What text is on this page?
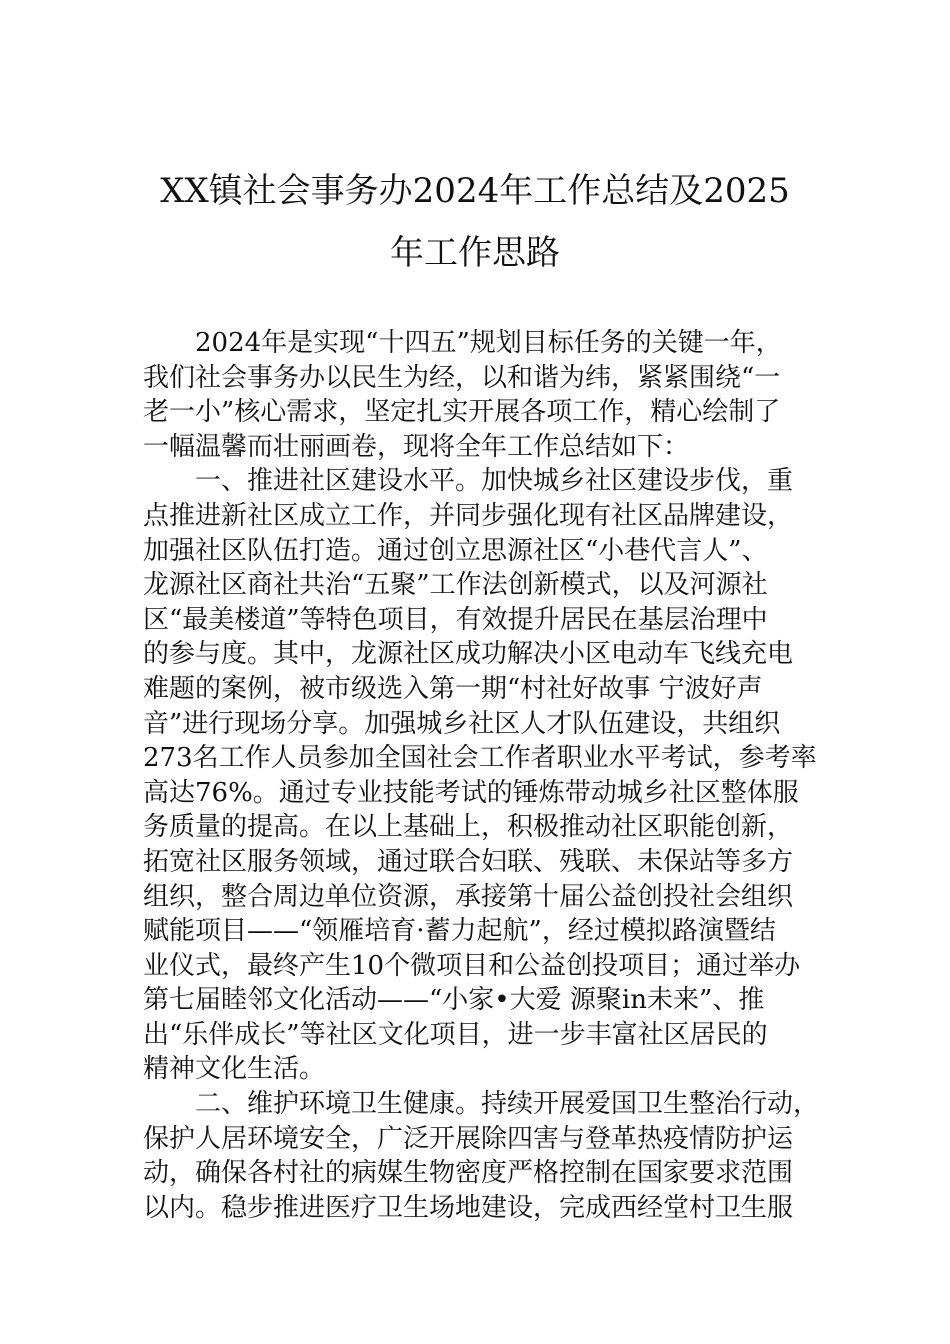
XX镇社会事务办2024年工作总结及2025
年工作思路

2024年是实现“十四五”规划目标任务的关键一年，
我们社会事务办以民生为经，以和谐为纬，紧紧围绕“一
老一小”核心需求，坚定扎实开展各项工作，精心绘制了
一幅温馨而壮丽画卷，现将全年工作总结如下：

一、推进社区建设水平。加快城乡社区建设步伐，重
点推进新社区成立工作，并同步强化现有社区品牌建设，
加强社区队伍打造。通过创立思源社区“小巷代言人”、
龙源社区商社共治“五聚”工作法创新模式，以及河源社
区“最美楼道”等特色项目，有效提升居民在基层治理中
的参与度。其中，龙源社区成功解决小区电动车飞线充电
难题的案例，被市级选入第一期“村社好故事 宁波好声
音”进行现场分享。加强城乡社区人才队伍建设，共组织
273名工作人员参加全国社会工作者职业水平考试，参考率
高达76%。通过专业技能考试的锤炼带动城乡社区整体服
务质量的提高。在以上基础上，积极推动社区职能创新，
拓宽社区服务领域，通过联合妇联、残联、未保站等多方
组织，整合周边单位资源，承接第十届公益创投社会组织
赋能项目——“领雁培育·蓄力起航”，经过模拟路演暨结
业仪式，最终产生10个微项目和公益创投项目；通过举办
第七届睦邻文化活动——“小家•大爱 源聚in未来”、推
出“乐伴成长”等社区文化项目，进一步丰富社区居民的
精神文化生活。

二、维护环境卫生健康。持续开展爱国卫生整治行动，
保护人居环境安全，广泛开展除四害与登革热疫情防护运
动，确保各村社的病媒生物密度严格控制在国家要求范围
以内。稳步推进医疗卫生场地建设，完成西经堂村卫生服
